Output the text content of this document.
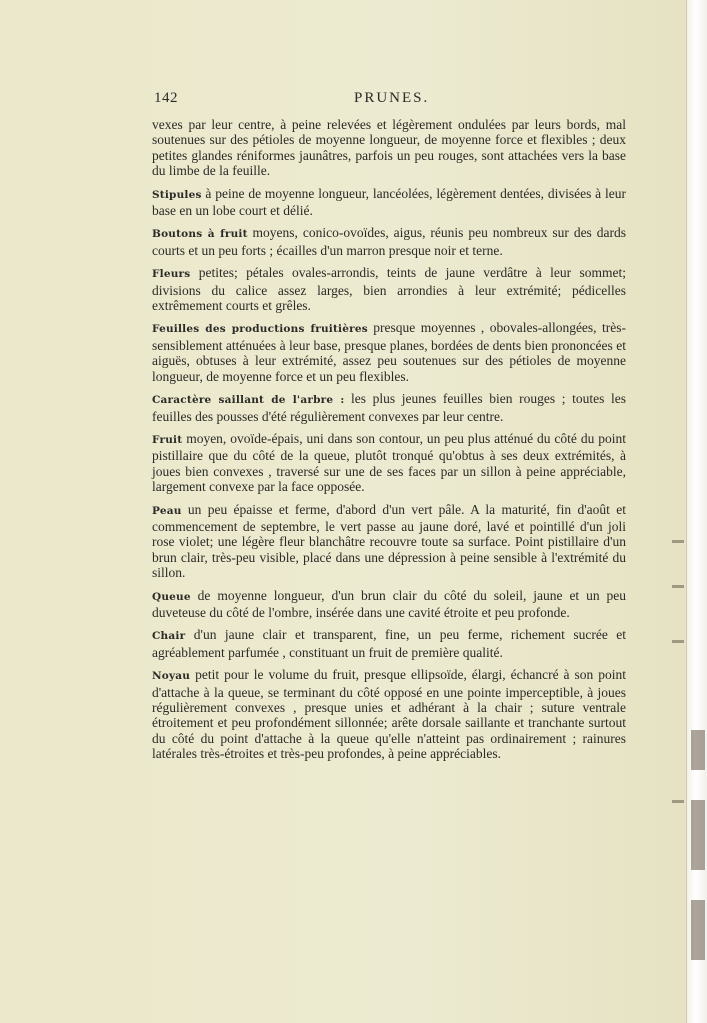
142	PRUNES.

vexes par leur centre, à peine relevées et légèrement ondulées par leurs bords, mal soutenues sur des pétioles de moyenne longueur, de moyenne force et flexibles ; deux petites glandes réniformes jaunâtres, parfois un peu rouges, sont attachées vers la base du limbe de la feuille.

Stipules à peine de moyenne longueur, lancéolées, légèrement dentées, divisées à leur base en un lobe court et délié.

Boutons à fruit moyens, conico-ovoïdes, aigus, réunis peu nombreux sur des dards courts et un peu forts ; écailles d'un marron presque noir et terne.

Fleurs petites; pétales ovales-arrondis, teints de jaune verdâtre à leur sommet; divisions du calice assez larges, bien arrondies à leur extrémité; pédicelles extrêmement courts et grêles.

Feuilles des productions fruitières presque moyennes , obovales-allongées, très-sensiblement atténuées à leur base, presque planes, bordées de dents bien prononcées et aiguës, obtuses à leur extrémité, assez peu soutenues sur des pétioles de moyenne longueur, de moyenne force et un peu flexibles.

Caractère saillant de l'arbre : les plus jeunes feuilles bien rouges ; toutes les feuilles des pousses d'été régulièrement convexes par leur centre.

Fruit moyen, ovoïde-épais, uni dans son contour, un peu plus atténué du côté du point pistillaire que du côté de la queue, plutôt tronqué qu'obtus à ses deux extrémités, à joues bien convexes , traversé sur une de ses faces par un sillon à peine appréciable, largement convexe par la face opposée.

Peau un peu épaisse et ferme, d'abord d'un vert pâle. A la maturité, fin d'août et commencement de septembre, le vert passe au jaune doré, lavé et pointillé d'un joli rose violet; une légère fleur blanchâtre recouvre toute sa surface. Point pistillaire d'un brun clair, très-peu visible, placé dans une dépression à peine sensible à l'extrémité du sillon.

Queue de moyenne longueur, d'un brun clair du côté du soleil, jaune et un peu duveteuse du côté de l'ombre, insérée dans une cavité étroite et peu profonde.

Chair d'un jaune clair et transparent, fine, un peu ferme, richement sucrée et agréablement parfumée , constituant un fruit de première qualité.

Noyau petit pour le volume du fruit, presque ellipsoïde, élargi, échancré à son point d'attache à la queue, se terminant du côté opposé en une pointe imperceptible, à joues régulièrement convexes , presque unies et adhérant à la chair ; suture ventrale étroitement et peu profondément sillonnée; arête dorsale saillante et tranchante surtout du côté du point d'attache à la queue qu'elle n'atteint pas ordinairement ; rainures latérales très-étroites et très-peu profondes, à peine appréciables.
